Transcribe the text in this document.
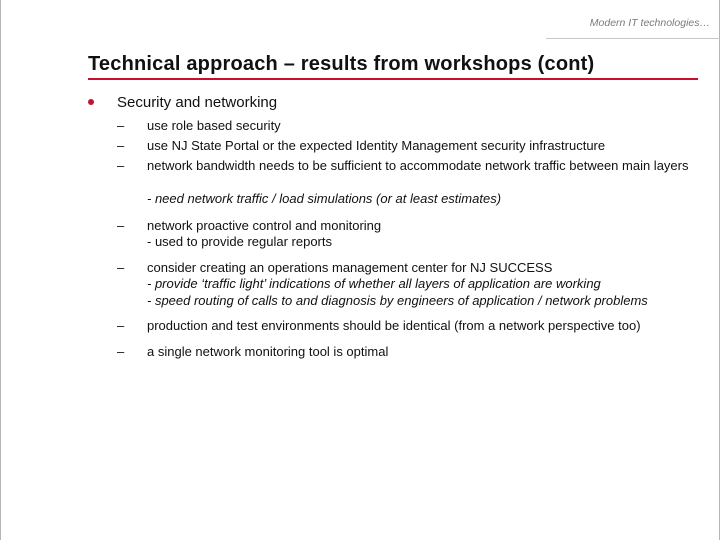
Modern IT technologies…
Technical approach – results from workshops (cont)
Security and networking
– use role based security
– use NJ State Portal or the expected Identity Management security infrastructure
– network bandwidth needs to be sufficient to accommodate network traffic between main layers
- need network traffic / load simulations (or at least estimates)
– network proactive control and monitoring
- used to provide regular reports
– consider creating an operations management center for NJ SUCCESS
- provide ‘traffic light’ indications of whether all layers of application are working
- speed routing of calls to and diagnosis by engineers of application / network problems
– production and test environments should be identical (from a network perspective too)
– a single network monitoring tool is optimal
